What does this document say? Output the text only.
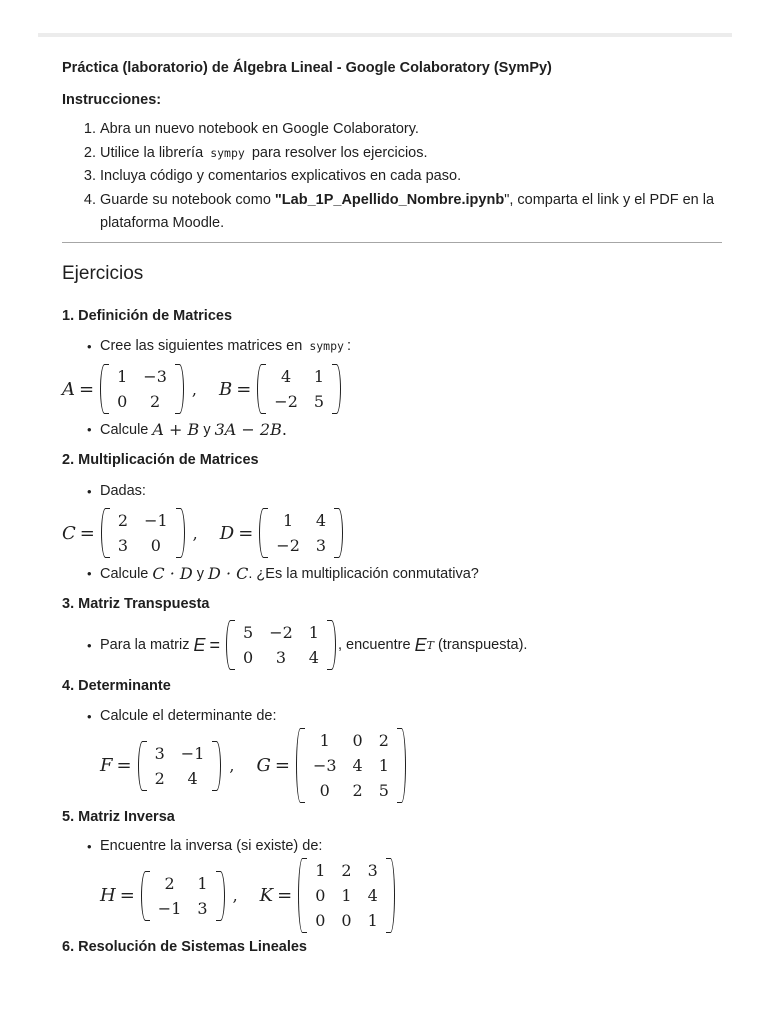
Práctica (laboratorio) de Álgebra Lineal - Google Colaboratory (SymPy)
Instrucciones:
1. Abra un nuevo notebook en Google Colaboratory.
2. Utilice la librería sympy para resolver los ejercicios.
3. Incluya código y comentarios explicativos en cada paso.
4. Guarde su notebook como "Lab_1P_Apellido_Nombre.ipynb", comparta el link y el PDF en la plataforma Moodle.
Ejercicios
1. Definición de Matrices
• Cree las siguientes matrices en
sympy :
A =
1	−3
0	2
, B =
4	1
−2	5
• Calcule
A + B
y
3A − 2B .
2. Multiplicación de Matrices
• Dadas:
C =
2	−1
3	0
, D =
1	4
−2	3
• Calcule
C · D
y
D · C . ¿Es la multiplicación conmutativa?
3. Matriz Transpuesta
• Para la matriz
E =
5	−2	1
0	3	4
, encuentre
E T
(transpuesta).
4. Determinante
• Calcule el determinante de:
F =
3	−1
2	4
, G =
1	0	2
−3	4	1
0	2	5
5. Matriz Inversa
• Encuentre la inversa (si existe) de:
H =
2	1
−1	3
, K =
1	2	3
0	1	4
0	0	1
6. Resolución de Sistemas Lineales
